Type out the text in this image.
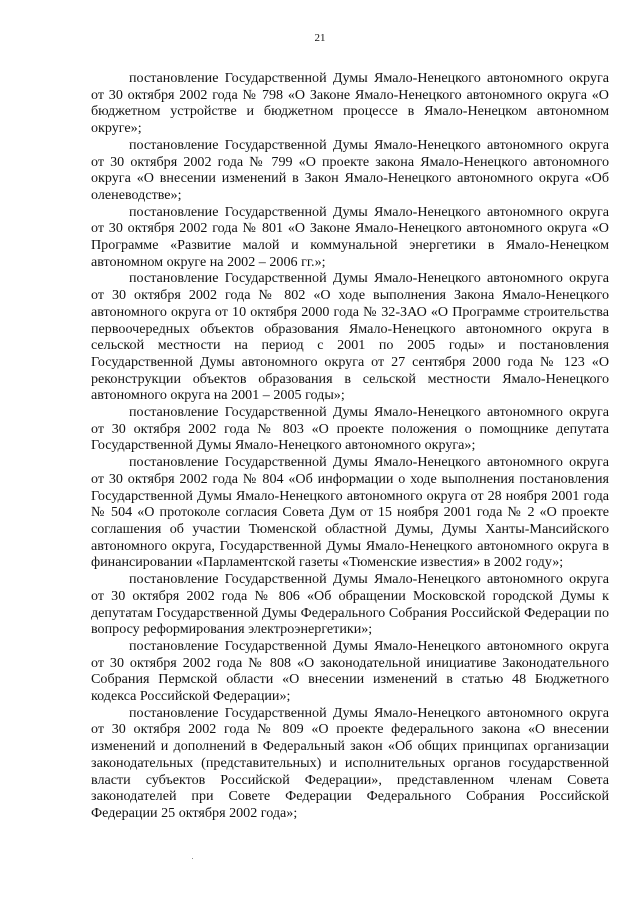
21

постановление Государственной Думы Ямало-Ненецкого автономного округа от 30 октября 2002 года № 798 «О Законе Ямало-Ненецкого автономного округа «О бюджетном устройстве и бюджетном процессе в Ямало-Ненецком автономном округе»;

постановление Государственной Думы Ямало-Ненецкого автономного округа от 30 октября 2002 года № 799 «О проекте закона Ямало-Ненецкого автономного округа «О внесении изменений в Закон Ямало-Ненецкого автономного округа «Об оленеводстве»;

постановление Государственной Думы Ямало-Ненецкого автономного округа от 30 октября 2002 года № 801 «О Законе Ямало-Ненецкого автономного округа «О Программе «Развитие малой и коммунальной энергетики в Ямало-Ненецком автономном округе на 2002 – 2006 гг.»;

постановление Государственной Думы Ямало-Ненецкого автономного округа от 30 октября 2002 года № 802 «О ходе выполнения Закона Ямало-Ненецкого автономного округа от 10 октября 2000 года № 32-ЗАО «О Программе строительства первоочередных объектов образования Ямало-Ненецкого автономного округа в сельской местности на период с 2001 по 2005 годы» и постановления Государственной Думы автономного округа от 27 сентября 2000 года № 123 «О реконструкции объектов образования в сельской местности Ямало-Ненецкого автономного округа на 2001 – 2005 годы»;

постановление Государственной Думы Ямало-Ненецкого автономного округа от 30 октября 2002 года № 803 «О проекте положения о помощнике депутата Государственной Думы Ямало-Ненецкого автономного округа»;

постановление Государственной Думы Ямало-Ненецкого автономного округа от 30 октября 2002 года № 804 «Об информации о ходе выполнения постановления Государственной Думы Ямало-Ненецкого автономного округа от 28 ноября 2001 года № 504 «О протоколе согласия Совета Дум от 15 ноября 2001 года № 2 «О проекте соглашения об участии Тюменской областной Думы, Думы Ханты-Мансийского автономного округа, Государственной Думы Ямало-Ненецкого автономного округа в финансировании «Парламентской газеты «Тюменские известия» в 2002 году»;

постановление Государственной Думы Ямало-Ненецкого автономного округа от 30 октября 2002 года № 806 «Об обращении Московской городской Думы к депутатам Государственной Думы Федерального Собрания Российской Федерации по вопросу реформирования электроэнергетики»;

постановление Государственной Думы Ямало-Ненецкого автономного округа от 30 октября 2002 года № 808 «О законодательной инициативе Законодательного Собрания Пермской области «О внесении изменений в статью 48 Бюджетного кодекса Российской Федерации»;

постановление Государственной Думы Ямало-Ненецкого автономного округа от 30 октября 2002 года № 809 «О проекте федерального закона «О внесении изменений и дополнений в Федеральный закон «Об общих принципах организации законодательных (представительных) и исполнительных органов государственной власти субъектов Российской Федерации», представленном членам Совета законодателей при Совете Федерации Федерального Собрания Российской Федерации 25 октября 2002 года»;
